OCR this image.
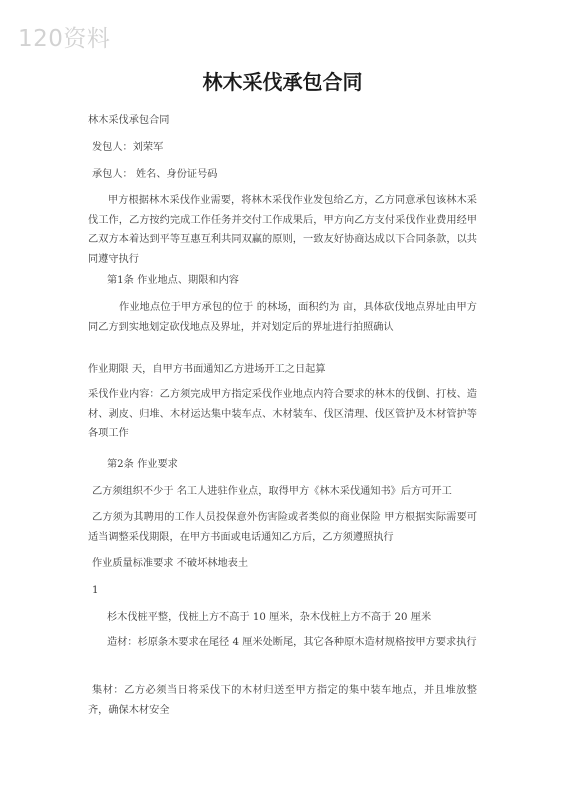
120资料
林木采伐承包合同
林木采伐承包合同
发包人：刘荣军
承包人： 姓名、身份证号码
甲方根据林木采伐作业需要，将林木采伐作业发包给乙方，乙方同意承包该林木采伐工作，乙方按约完成工作任务并交付工作成果后，甲方向乙方支付采伐作业费用经甲乙双方本着达到平等互惠互利共同双赢的原则，一致友好协商达成以下合同条款，以共同遵守执行
第1条 作业地点、期限和内容
作业地点位于甲方承包的位于 的林场，面积约为 亩，具体砍伐地点界址由甲方同乙方到实地划定砍伐地点及界址，并对划定后的界址进行拍照确认
作业期限 天，自甲方书面通知乙方进场开工之日起算
采伐作业内容：乙方须完成甲方指定采伐作业地点内符合要求的林木的伐倒、打枝、造材、剥皮、归堆、木材运达集中装车点、木材装车、伐区清理、伐区管护及木材管护等各项工作
第2条 作业要求
乙方须组织不少于 名工人进驻作业点，取得甲方《林木采伐通知书》后方可开工
乙方须为其聘用的工作人员投保意外伤害险或者类似的商业保险 甲方根据实际需要可适当调整采伐期限，在甲方书面或电话通知乙方后，乙方须遵照执行
作业质量标准要求 不破坏林地表土
1
杉木伐桩平整，伐桩上方不高于 10 厘米，杂木伐桩上方不高于 20 厘米
造材：杉原条木要求在尾径 4 厘米处断尾，其它各种原木造材规格按甲方要求执行
集材：乙方必须当日将采伐下的木材归送至甲方指定的集中装车地点，并且堆放整齐，确保木材安全
